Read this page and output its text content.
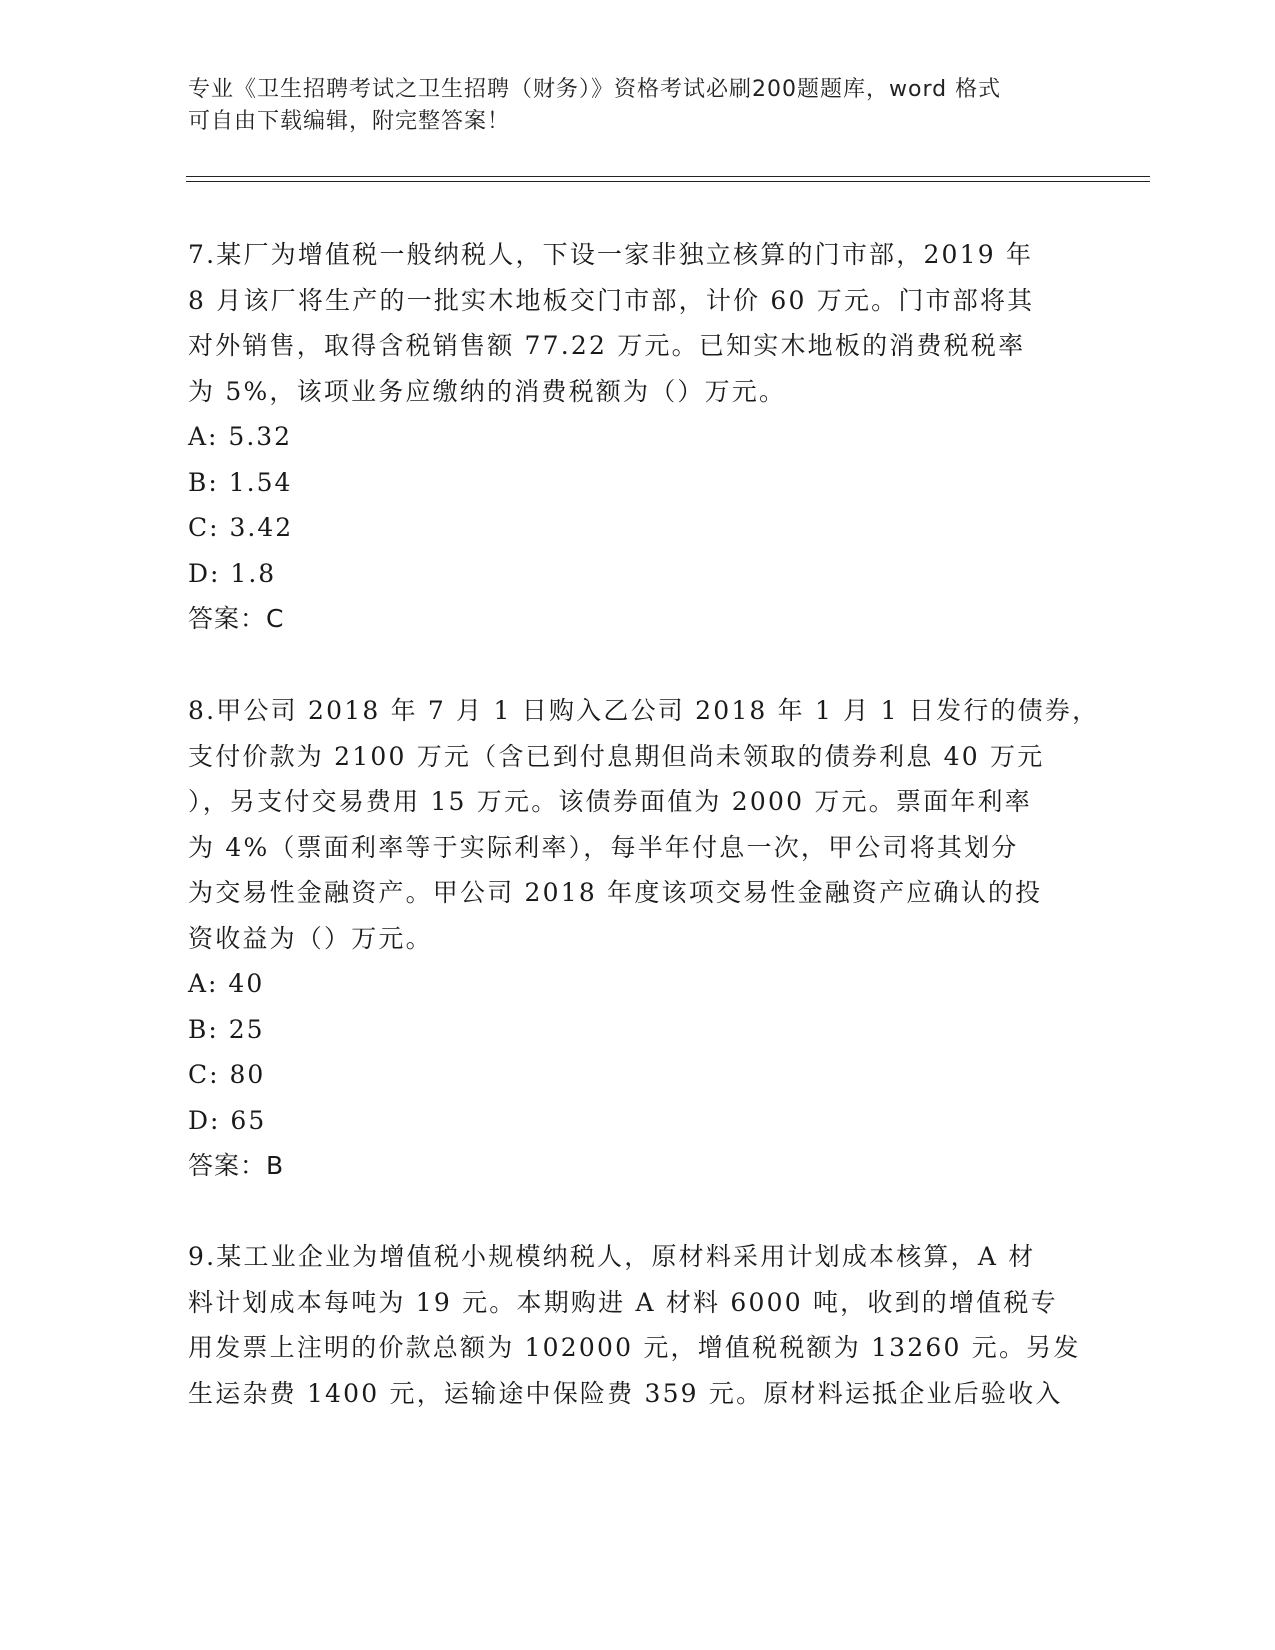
专业《卫生招聘考试之卫生招聘（财务）》资格考试必刷200题题库，word 格式
可自由下载编辑，附完整答案！
7.某厂为增值税一般纳税人，下设一家非独立核算的门市部，2019 年
8 月该厂将生产的一批实木地板交门市部，计价 60 万元。门市部将其
对外销售，取得含税销售额 77.22 万元。已知实木地板的消费税税率
为 5%，该项业务应缴纳的消费税额为（）万元。
A: 5.32
B: 1.54
C: 3.42
D: 1.8
答案：C
8.甲公司 2018 年 7 月 1 日购入乙公司 2018 年 1 月 1 日发行的债券，
支付价款为 2100 万元（含已到付息期但尚未领取的债券利息 40 万元
），另支付交易费用 15 万元。该债券面值为 2000 万元。票面年利率
为 4%（票面利率等于实际利率），每半年付息一次，甲公司将其划分
为交易性金融资产。甲公司 2018 年度该项交易性金融资产应确认的投
资收益为（）万元。
A: 40
B: 25
C: 80
D: 65
答案：B
9.某工业企业为增值税小规模纳税人，原材料采用计划成本核算，A 材
料计划成本每吨为 19 元。本期购进 A 材料 6000 吨，收到的增值税专
用发票上注明的价款总额为 102000 元，增值税税额为 13260 元。另发
生运杂费 1400 元，运输途中保险费 359 元。原材料运抵企业后验收入
